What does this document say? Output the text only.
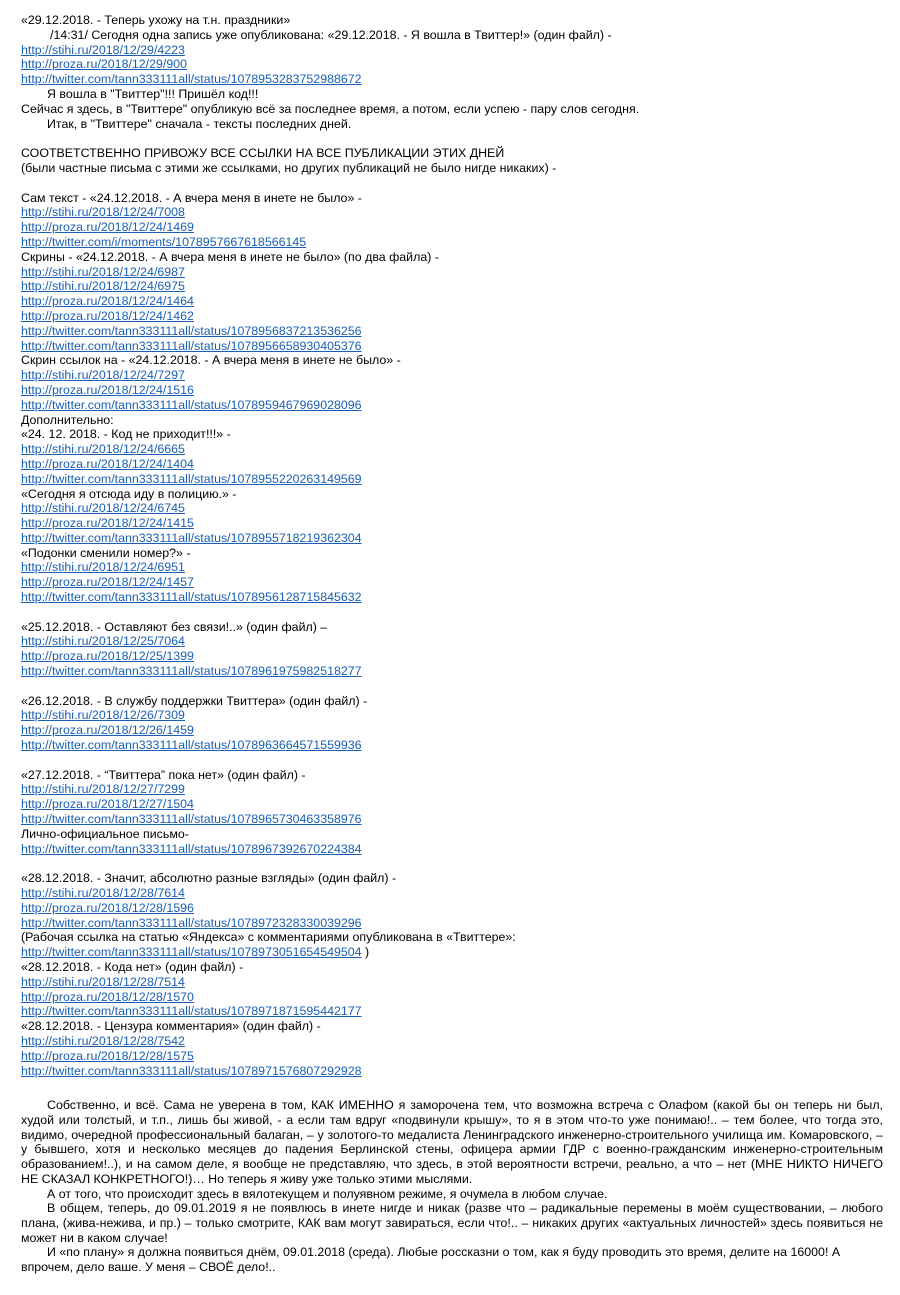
«29.12.2018. - Теперь ухожу на т.н. праздники»
/14:31/ Сегодня одна запись уже опубликована: «29.12.2018. - Я вошла в Твиттер!» (один файл) -
http://stihi.ru/2018/12/29/4223
http://proza.ru/2018/12/29/900
http://twitter.com/tann333111all/status/1078953283752988672
Я вошла в "Твиттер"!!! Пришёл код!!!
Сейчас я здесь, в "Твиттере" опубликую всё за последнее время, а потом, если успею - пару слов сегодня.
Итак, в "Твиттере" сначала - тексты последних дней.
СООТВЕТСТВЕННО ПРИВОЖУ ВСЕ ССЫЛКИ НА ВСЕ ПУБЛИКАЦИИ ЭТИХ ДНЕЙ
(были частные письма с этими же ссылками, но других публикаций не было нигде никаких) -
Сам текст - «24.12.2018. - А вчера меня в инете не было» -
http://stihi.ru/2018/12/24/7008
http://proza.ru/2018/12/24/1469
http://twitter.com/i/moments/1078957667618566145
Скрины - «24.12.2018. - А вчера меня в инете не было» (по два файла) -
http://stihi.ru/2018/12/24/6987
http://stihi.ru/2018/12/24/6975
http://proza.ru/2018/12/24/1464
http://proza.ru/2018/12/24/1462
http://twitter.com/tann333111all/status/1078956837213536256
http://twitter.com/tann333111all/status/1078956658930405376
Скрин ссылок на - «24.12.2018. - А вчера меня в инете не было» -
http://stihi.ru/2018/12/24/7297
http://proza.ru/2018/12/24/1516
http://twitter.com/tann333111all/status/1078959467969028096
Дополнительно:
«24. 12. 2018. - Код не приходит!!!» -
http://stihi.ru/2018/12/24/6665
http://proza.ru/2018/12/24/1404
http://twitter.com/tann333111all/status/1078955220263149569
«Сегодня я отсюда иду в полицию.» -
http://stihi.ru/2018/12/24/6745
http://proza.ru/2018/12/24/1415
http://twitter.com/tann333111all/status/1078955718219362304
«Подонки сменили номер?» -
http://stihi.ru/2018/12/24/6951
http://proza.ru/2018/12/24/1457
http://twitter.com/tann333111all/status/1078956128715845632
«25.12.2018. - Оставляют без связи!..» (один файл) –
http://stihi.ru/2018/12/25/7064
http://proza.ru/2018/12/25/1399
http://twitter.com/tann333111all/status/1078961975982518277
«26.12.2018. - В службу поддержки Твиттера» (один файл) -
http://stihi.ru/2018/12/26/7309
http://proza.ru/2018/12/26/1459
http://twitter.com/tann333111all/status/1078963664571559936
«27.12.2018. - “Твиттера” пока нет» (один файл) -
http://stihi.ru/2018/12/27/7299
http://proza.ru/2018/12/27/1504
http://twitter.com/tann333111all/status/1078965730463358976
Лично-официальное письмо-
http://twitter.com/tann333111all/status/1078967392670224384
«28.12.2018. - Значит, абсолютно разные взгляды» (один файл) -
http://stihi.ru/2018/12/28/7614
http://proza.ru/2018/12/28/1596
http://twitter.com/tann333111all/status/1078972328330039296
(Рабочая ссылка на статью «Яндекса» с комментариями опубликована в «Твиттере»:
http://twitter.com/tann333111all/status/1078973051654549504 )
«28.12.2018. - Кода нет» (один файл) -
http://stihi.ru/2018/12/28/7514
http://proza.ru/2018/12/28/1570
http://twitter.com/tann333111all/status/1078971871595442177
«28.12.2018. - Цензура комментария» (один файл) -
http://stihi.ru/2018/12/28/7542
http://proza.ru/2018/12/28/1575
http://twitter.com/tann333111all/status/1078971576807292928

Собственно, и всё. Сама не уверена в том, КАК ИМЕННО я заморочена тем, что возможна встреча с Олафом (какой бы он теперь ни был, худой или толстый, и т.п., лишь бы живой, - а если там вдруг «подвинули крышу», то я в этом что-то уже понимаю!.. – тем более, что тогда это, видимо, очередной профессиональный балаган, – у золотого-то медалиста Ленинградского инженерно-строительного училища им. Комаровского, – у бывшего, хотя и несколько месяцев до падения Берлинской стены, офицера армии ГДР с военно-гражданским инженерно-строительным образованием!..), и на самом деле, я вообще не представляю, что здесь, в этой вероятности встречи, реально, а что – нет (МНЕ НИКТО НИЧЕГО НЕ СКАЗАЛ КОНКРЕТНОГО!)… Но теперь я живу уже только этими мыслями.

А от того, что происходит здесь в вялотекущем и полуявном режиме, я очумела в любом случае.

В общем, теперь, до 09.01.2019 я не появлюсь в инете нигде и никак (разве что – радикальные перемены в моём существовании, – любого плана, (жива-нежива, и пр.) – только смотрите, КАК вам могут завираться, если что!.. – никаких других «актуальных личностей» здесь появиться не может ни в каком случае!

И «по плану» я должна появиться днём, 09.01.2018 (среда). Любые россказни о том, как я буду проводить это время, делите на 16000! А впрочем, дело ваше. У меня – СВОЁ дело!..
